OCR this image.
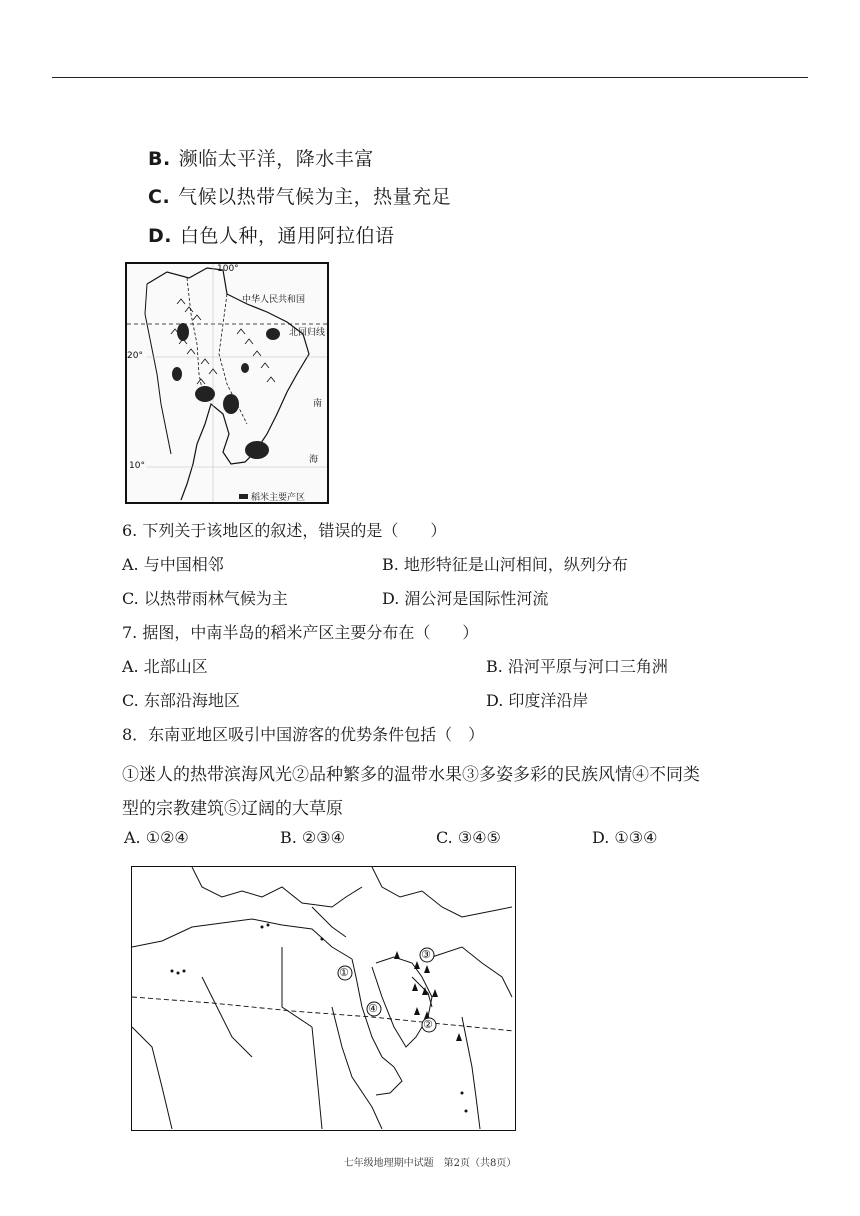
B. 濒临太平洋，降水丰富
C. 气候以热带气候为主，热量充足
D. 白色人种，通用阿拉伯语
100°
中华人民共和国
北回归线
20°
10°
南
海
稻米主要产区
6. 下列关于该地区的叙述，错误的是（　　）
A. 与中国相邻	B. 地形特征是山河相间，纵列分布
C. 以热带雨林气候为主	D. 湄公河是国际性河流
7. 据图，中南半岛的稻米产区主要分布在（　　）
A. 北部山区	B. 沿河平原与河口三角洲
C. 东部沿海地区	D. 印度洋沿岸
8．东南亚地区吸引中国游客的优势条件包括（　）
①迷人的热带滨海风光②品种繁多的温带水果③多姿多彩的民族风情④不同类
型的宗教建筑⑤辽阔的大草原
A. ①②④	B. ②③④	C. ③④⑤	D. ①③④
①
②
③
④
七年级地理期中试题　第2页（共8页）
